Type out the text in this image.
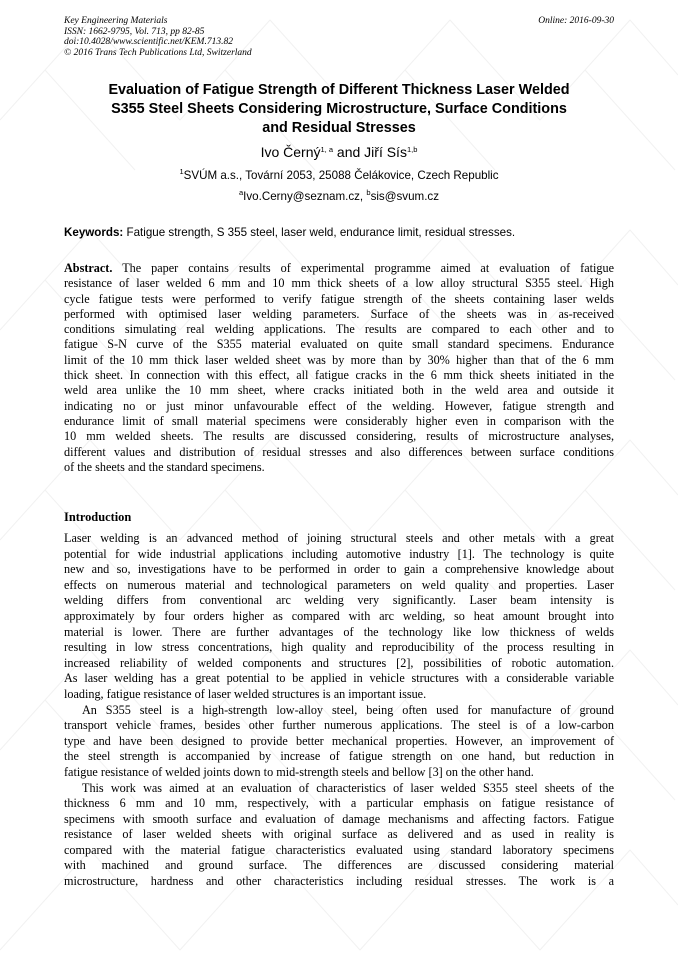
Key Engineering Materials
ISSN: 1662-9795, Vol. 713, pp 82-85
doi:10.4028/www.scientific.net/KEM.713.82
© 2016 Trans Tech Publications Ltd, Switzerland
Online: 2016-09-30
Evaluation of Fatigue Strength of Different Thickness Laser Welded
S355 Steel Sheets Considering Microstructure, Surface Conditions
and Residual Stresses
Ivo Černý$^{1, a}$ and Jiří Sís$^{1,b}$
$^1$SVÚM a.s., Tovární 2053, 25088 Čelákovice, Czech Republic
$^a$Ivo.Cerny@seznam.cz, $^b$sis@svum.cz
Keywords: Fatigue strength, S 355 steel, laser weld, endurance limit, residual stresses.
Abstract. The paper contains results of experimental programme aimed at evaluation of fatigue
resistance of laser welded 6 mm and 10 mm thick sheets of a low alloy structural S355 steel. High
cycle fatigue tests were performed to verify fatigue strength of the sheets containing laser welds
performed with optimised laser welding parameters. Surface of the sheets was in as-received
conditions simulating real welding applications. The results are compared to each other and to
fatigue S-N curve of the S355 material evaluated on quite small standard specimens. Endurance
limit of the 10 mm thick laser welded sheet was by more than by 30% higher than that of the 6 mm
thick sheet. In connection with this effect, all fatigue cracks in the 6 mm thick sheets initiated in the
weld area unlike the 10 mm sheet, where cracks initiated both in the weld area and outside it
indicating no or just minor unfavourable effect of the welding. However, fatigue strength and
endurance limit of small material specimens were considerably higher even in comparison with the
10 mm welded sheets. The results are discussed considering, results of microstructure analyses,
different values and distribution of residual stresses and also differences between surface conditions
of the sheets and the standard specimens.
Introduction
Laser welding is an advanced method of joining structural steels and other metals with a great
potential for wide industrial applications including automotive industry [1]. The technology is quite
new and so, investigations have to be performed in order to gain a comprehensive knowledge about
effects on numerous material and technological parameters on weld quality and properties. Laser
welding differs from conventional arc welding very significantly. Laser beam intensity is
approximately by four orders higher as compared with arc welding, so heat amount brought into
material is lower. There are further advantages of the technology like low thickness of welds
resulting in low stress concentrations, high quality and reproducibility of the process resulting in
increased reliability of welded components and structures [2], possibilities of robotic automation.
As laser welding has a great potential to be applied in vehicle structures with a considerable variable
loading, fatigue resistance of laser welded structures is an important issue.
An S355 steel is a high-strength low-alloy steel, being often used for manufacture of ground
transport vehicle frames, besides other further numerous applications. The steel is of a low-carbon
type and have been designed to provide better mechanical properties. However, an improvement of
the steel strength is accompanied by increase of fatigue strength on one hand, but reduction in
fatigue resistance of welded joints down to mid-strength steels and bellow [3] on the other hand.
This work was aimed at an evaluation of characteristics of laser welded S355 steel sheets of the
thickness 6 mm and 10 mm, respectively, with a particular emphasis on fatigue resistance of
specimens with smooth surface and evaluation of damage mechanisms and affecting factors. Fatigue
resistance of laser welded sheets with original surface as delivered and as used in reality is
compared with the material fatigue characteristics evaluated using standard laboratory specimens
with machined and ground surface. The differences are discussed considering material
microstructure, hardness and other characteristics including residual stresses. The work is a
